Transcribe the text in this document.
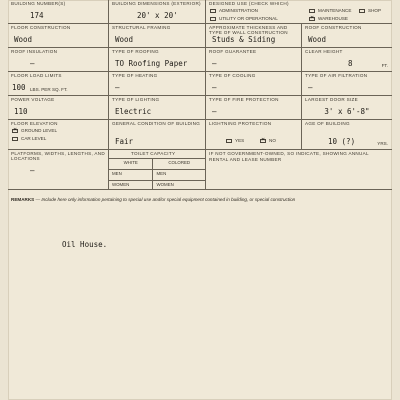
BUILDING NUMBER(S)
174
BUILDING DIMENSIONS (EXTERIOR)
20' x 20'
DESIGNED USE (CHECK WHICH)
ADMINISTRATION	MAINTENANCE	SHOP
UTILITY OR OPERATIONAL ✕	WAREHOUSE
FLOOR CONSTRUCTION
Wood
STRUCTURAL FRAMING
Wood
APPROXIMATE THICKNESS AND TYPE OF WALL CONSTRUCTION
Studs & Siding
ROOF CONSTRUCTION
Wood
ROOF INSULATION
—
TYPE OF ROOFING
TO Roofing Paper
ROOF GUARANTEE
—
CLEAR HEIGHT
8	FT.
FLOOR LOAD LIMITS
100 LBS. PER SQ. FT.
TYPE OF HEATING
—
TYPE OF COOLING
—
TYPE OF AIR FILTRATION
—
POWER VOLTAGE
110
TYPE OF LIGHTING
Electric
TYPE OF FIRE PROTECTION
—
LARGEST DOOR SIZE
3' x 6'-8"
FLOOR ELEVATION
✕GROUND LEVEL
CAR LEVEL
GENERAL CONDITION OF BUILDING
Fair
LIGHTNING PROTECTION
YES ✕	NO
AGE OF BUILDING
10 (?)	YRS.
PLATFORMS, WIDTHS, LENGTHS, AND LOCATIONS
—
TOILET CAPACITY
WHITE	COLORED
MEN	MEN
WOMEN	WOMEN
IF NOT GOVERNMENT-OWNED, SO INDICATE, SHOWING ANNUAL RENTAL AND LEASE NUMBER
REMARKS — Include here only information pertaining to special use and/or special equipment contained in building, or special construction
Oil House.
